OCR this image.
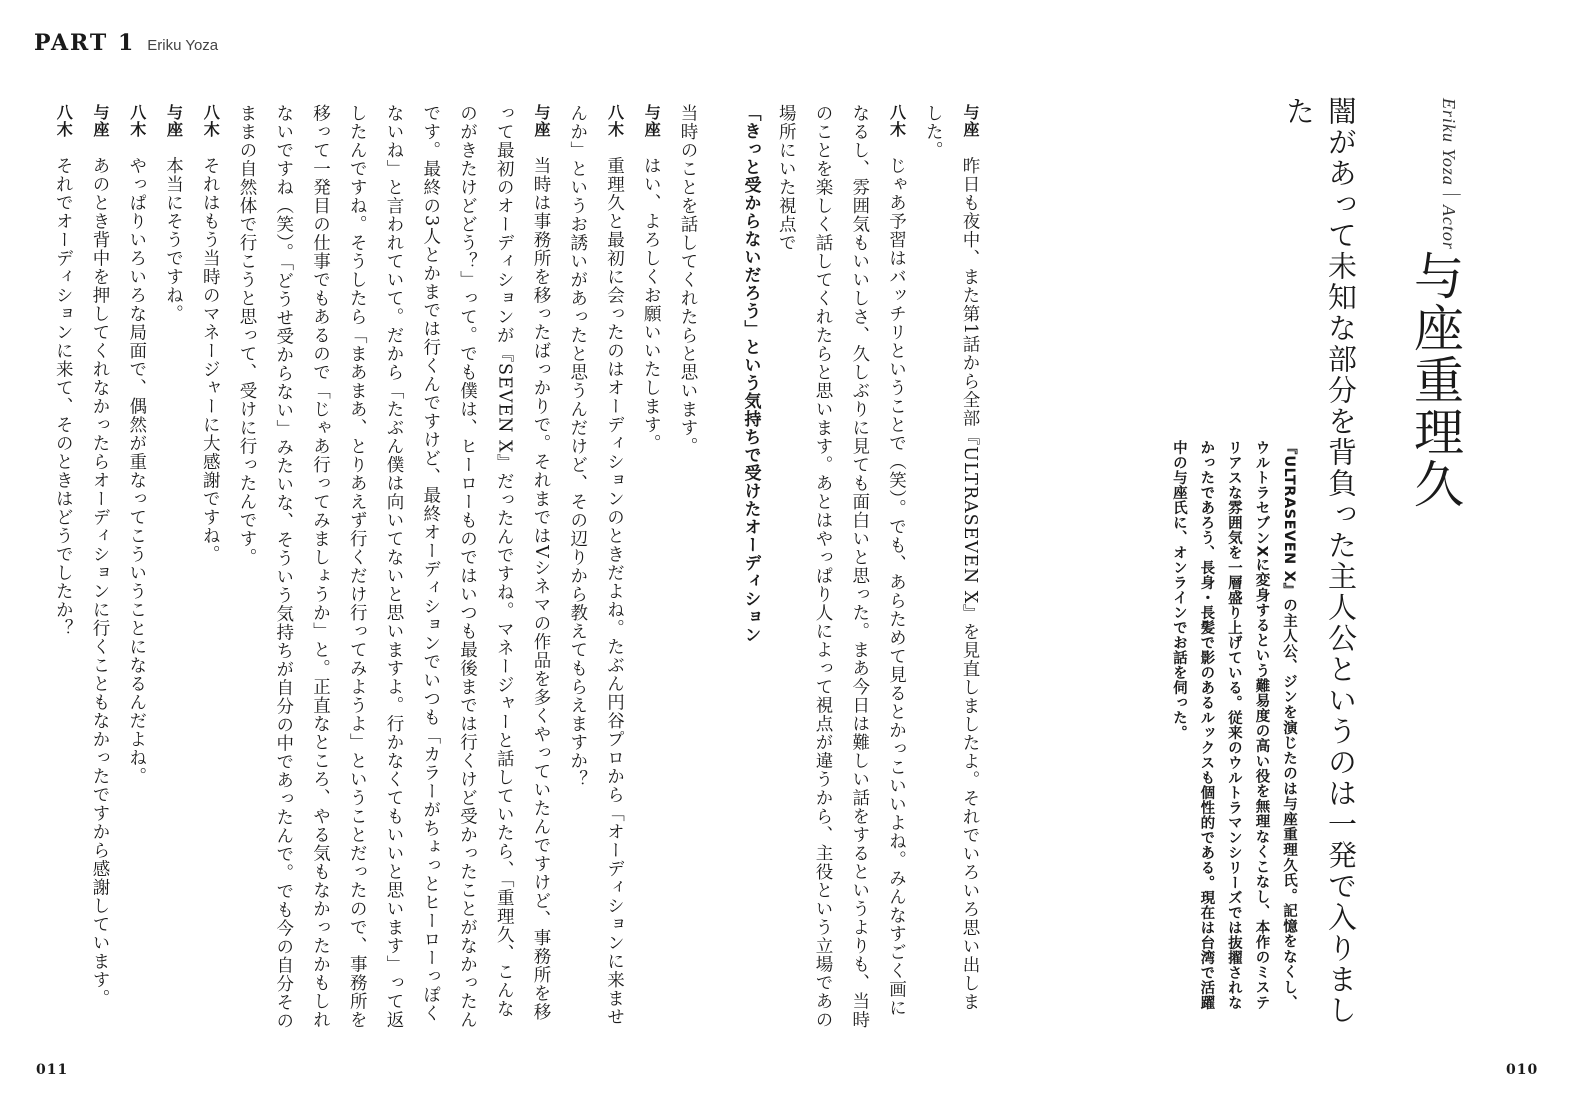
PART 1 Eriku Yoza
011	010
Eriku Yoza｜Actor
与座重理久
闇があって未知な部分を背負った主人公というのは一発で入りました
『ULTRASEVEN X』の主人公、ジンを演じたのは与座重理久氏。記憶をなくし、ウルトラセブンXに変身するという難易度の高い役を無理なくこなし、本作のミステリアスな雰囲気を一層盛り上げている。従来のウルトラマンシリーズでは抜擢されなかったであろう、長身・長髪で影のあるルックスも個性的である。現在は台湾で活躍中の与座氏に、オンラインでお話を伺った。

与座 昨日も夜中、また第1話から全部『ULTRASEVEN X』を見直しましたよ。それでいろいろ思い出しま

した。

八木 じゃあ予習はバッチリということで（笑）。でも、あらためて見るとかっこいいよね。みんなすごく画になるし、雰囲気もいいしさ、久しぶりに見ても面白いと思った。まあ今日は難しい話をするというよりも、当時のことを楽しく話してくれたらと思います。あとはやっぱり人によって視点が違うから、主役という立場であの場所にいた視点で

「きっと受からないだろう」という気持ちで受けたオーディション

当時のことを話してくれたらと思います。

与座 はい、よろしくお願いいたします。

八木 重理久と最初に会ったのはオーディションのときだよね。たぶん円谷プロから「オーディションに来ませんか」というお誘いがあったと思うんだけど、その辺りから教えてもらえますか？

与座 当時は事務所を移ったばっかりで。それまではVシネマの作品を多くやっていたんですけど、事務所を移って最初のオーディションが『SEVEN X』だったんですね。マネージャーと話していたら、「重理久、こんなのがきたけどどう？」って。でも僕は、ヒーローものではいつも最後までは行くけど受かったことがなかったんです。最終の3人とかまでは行くんですけど、最終オーディションでいつも「カラーがちょっとヒーローっぽくないね」と言われていて。だから「たぶん僕は向いてないと思いますよ。行かなくてもいいと思います」って返したんですね。そうしたら「まあまあ、とりあえず行くだけ行ってみようよ」ということだったので、事務所を移って一発目の仕事でもあるので「じゃあ行ってみましょうか」と。正直なところ、やる気もなかったかもしれないですね（笑）。「どうせ受からない」みたいな、そういう気持ちが自分の中であったんで。でも今の自分そのままの自然体で行こうと思って、受けに行ったんです。

八木 それはもう当時のマネージャーに大感謝ですね。

与座 本当にそうですね。

八木 やっぱりいろいろな局面で、偶然が重なってこういうことになるんだよね。

与座 あのとき背中を押してくれなかったらオーディションに行くこともなかったですから感謝しています。

八木 それでオーディションに来て、そのときはどうでしたか？
